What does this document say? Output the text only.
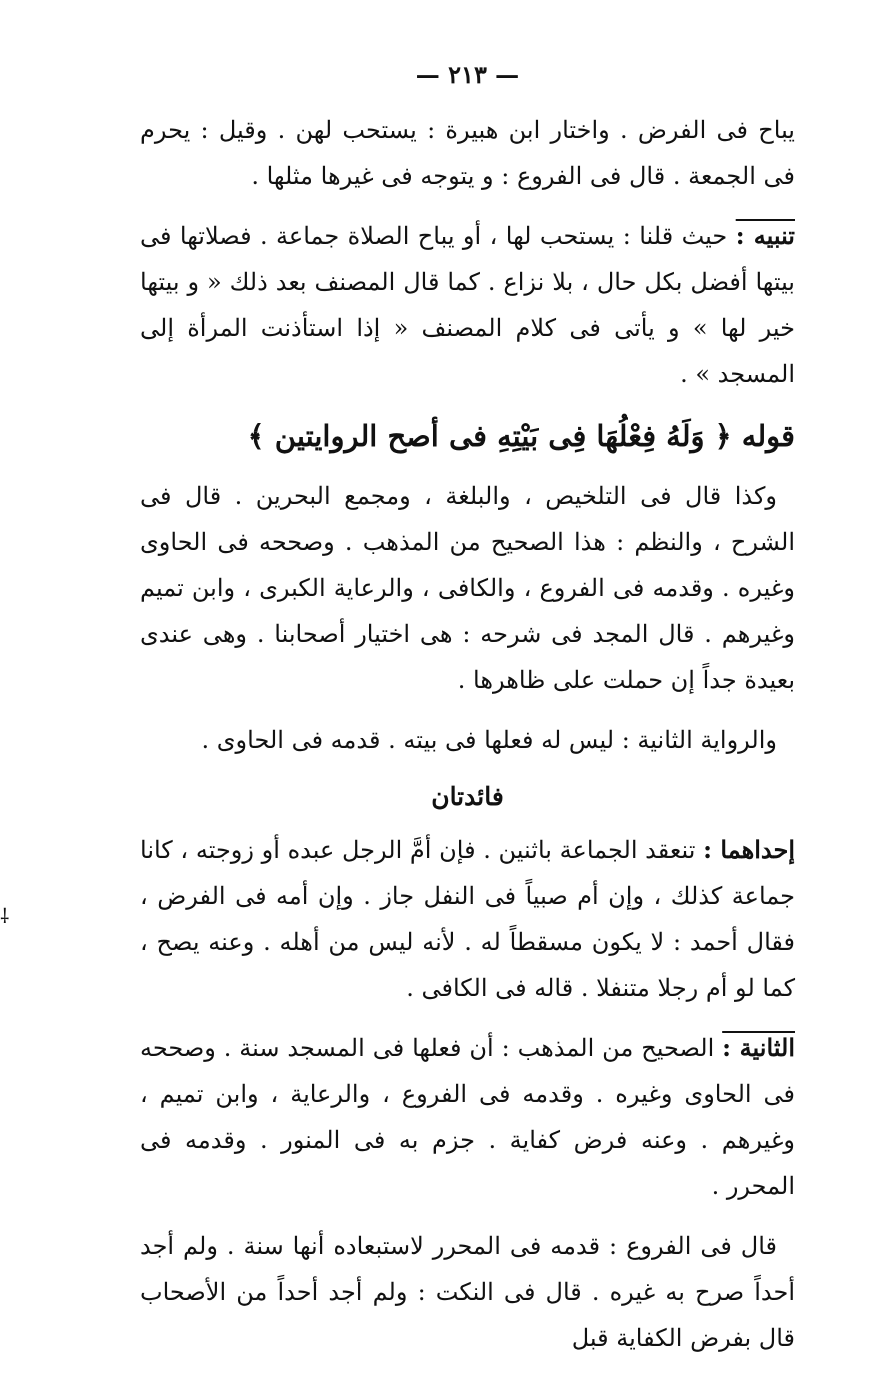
— ٢١٣ —

يباح فى الفرض . واختار ابن هبيرة : يستحب لهن . وقيل : يحرم فى الجمعة . قال فى الفروع : و يتوجه فى غيرها مثلها .

تنبيه : حيث قلنا : يستحب لها ، أو يباح الصلاة جماعة . فصلاتها فى بيتها أفضل بكل حال ، بلا نزاع . كما قال المصنف بعد ذلك « و بيتها خير لها » و يأتى فى كلام المصنف « إذا استأذنت المرأة إلى المسجد » .

قوله ﴿ وَلَهُ فِعْلُهَا فِى بَيْتِهِ فى أصح الروايتين ﴾

وكذا قال فى التلخيص ، والبلغة ، ومجمع البحرين . قال فى الشرح ، والنظم : هذا الصحيح من المذهب . وصححه فى الحاوى وغيره . وقدمه فى الفروع ، والكافى ، والرعاية الكبرى ، وابن تميم وغيرهم . قال المجد فى شرحه : هى اختيار أصحابنا . وهى عندى بعيدة جداً إن حملت على ظاهرها .

والرواية الثانية : ليس له فعلها فى بيته . قدمه فى الحاوى .

فائدتان

إحداهما : تنعقد الجماعة باثنين . فإن أمَّ الرجل عبده أو زوجته ، كانا جماعة كذلك ، وإن أم صبياً فى النفل جاز . وإن أمه فى الفرض ، فقال أحمد : لا يكون مسقطاً له . لأنه ليس من أهله . وعنه يصح ، كما لو أم رجلا متنفلا . قاله فى الكافى .

الثانية : الصحيح من المذهب : أن فعلها فى المسجد سنة . وصححه فى الحاوى وغيره . وقدمه فى الفروع ، والرعاية ، وابن تميم ، وغيرهم . وعنه فرض كفاية . جزم به فى المنور . وقدمه فى المحرر .

قال فى الفروع : قدمه فى المحرر لاستبعاده أنها سنة . ولم أجد أحداً صرح به غيره . قال فى النكت : ولم أجد أحداً من الأصحاب قال بفرض الكفاية قبل

⸸
